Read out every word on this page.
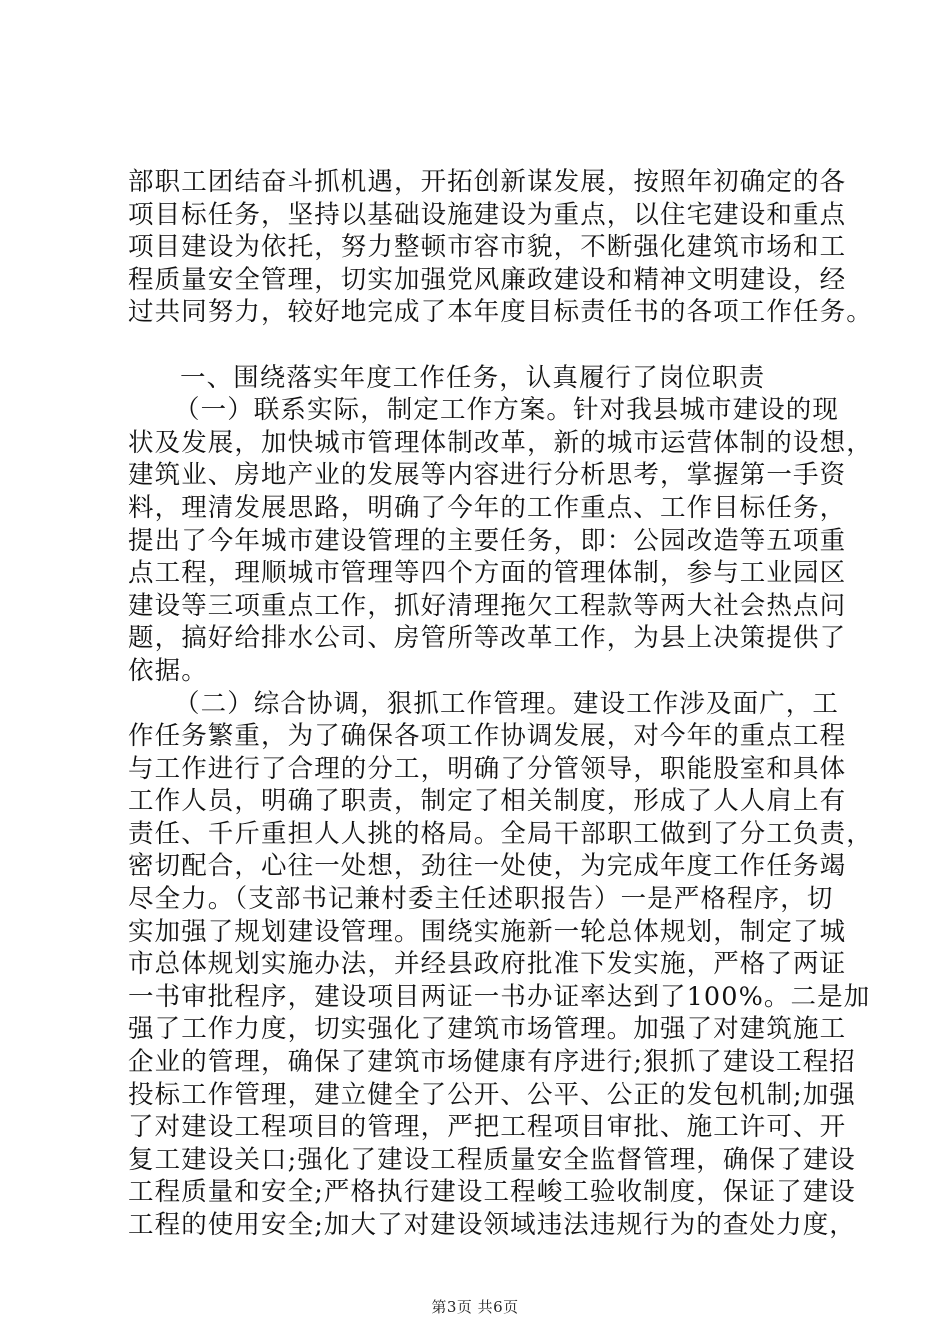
部职工团结奋斗抓机遇，开拓创新谋发展，按照年初确定的各
项目标任务，坚持以基础设施建设为重点，以住宅建设和重点
项目建设为依托，努力整顿市容市貌，不断强化建筑市场和工
程质量安全管理，切实加强党风廉政建设和精神文明建设，经
过共同努力，较好地完成了本年度目标责任书的各项工作任务。
一、围绕落实年度工作任务，认真履行了岗位职责
（一）联系实际，制定工作方案。针对我县城市建设的现
状及发展，加快城市管理体制改革，新的城市运营体制的设想，
建筑业、房地产业的发展等内容进行分析思考，掌握第一手资
料，理清发展思路，明确了今年的工作重点、工作目标任务，
提出了今年城市建设管理的主要任务，即：公园改造等五项重
点工程，理顺城市管理等四个方面的管理体制，参与工业园区
建设等三项重点工作，抓好清理拖欠工程款等两大社会热点问
题，搞好给排水公司、房管所等改革工作，为县上决策提供了
依据。
（二）综合协调，狠抓工作管理。建设工作涉及面广，工
作任务繁重，为了确保各项工作协调发展，对今年的重点工程
与工作进行了合理的分工，明确了分管领导，职能股室和具体
工作人员，明确了职责，制定了相关制度，形成了人人肩上有
责任、千斤重担人人挑的格局。全局干部职工做到了分工负责，
密切配合，心往一处想，劲往一处使，为完成年度工作任务竭
尽全力。（支部书记兼村委主任述职报告）一是严格程序，切
实加强了规划建设管理。围绕实施新一轮总体规划，制定了城
市总体规划实施办法，并经县政府批准下发实施，严格了两证
一书审批程序，建设项目两证一书办证率达到了100%。二是加
强了工作力度，切实强化了建筑市场管理。加强了对建筑施工
企业的管理，确保了建筑市场健康有序进行;狠抓了建设工程招
投标工作管理，建立健全了公开、公平、公正的发包机制;加强
了对建设工程项目的管理，严把工程项目审批、施工许可、开
复工建设关口;强化了建设工程质量安全监督管理，确保了建设
工程质量和安全;严格执行建设工程峻工验收制度，保证了建设
工程的使用安全;加大了对建设领域违法违规行为的查处力度，
第3页 共6页
